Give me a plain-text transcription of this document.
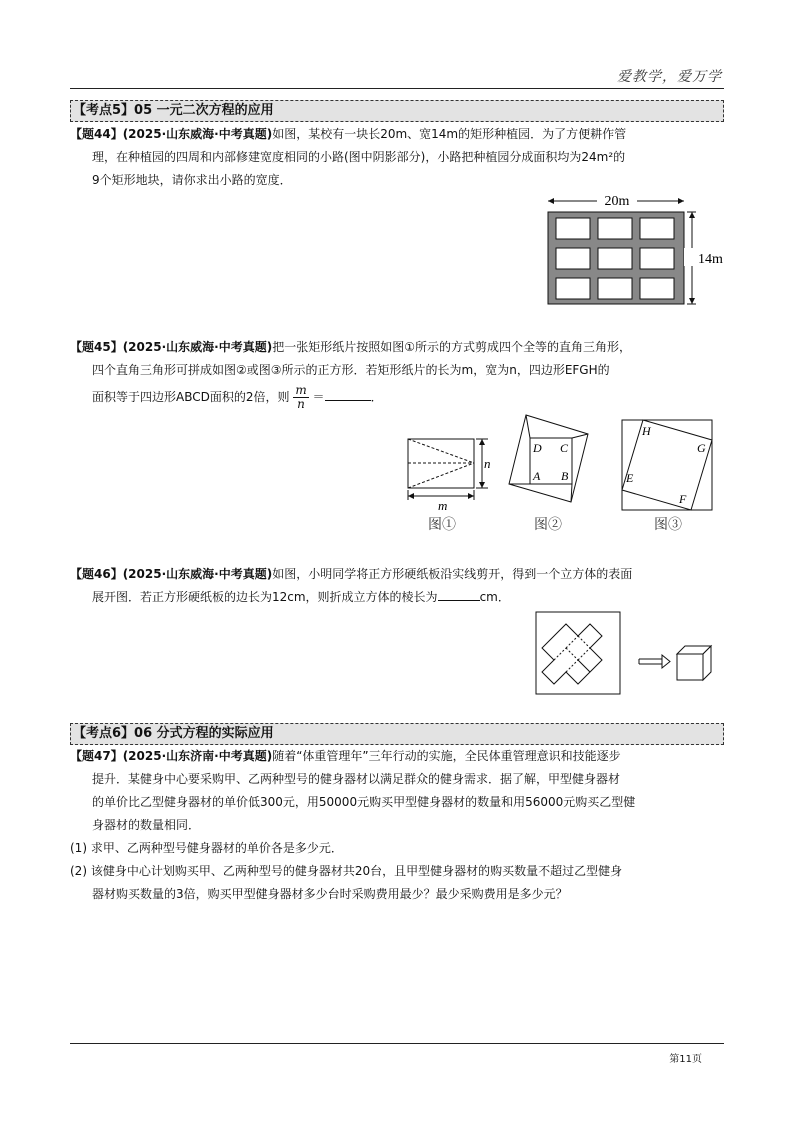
爱教学，爱万学
【考点5】05 一元二次方程的应用

【题44】(2025·山东威海·中考真题)如图，某校有一块长20m、宽14m的矩形种植园．为了方便耕作管

理，在种植园的四周和内部修建宽度相同的小路(图中阴影部分)，小路把种植园分成面积均为24m²的

9个矩形地块，请你求出小路的宽度．

20m
14m

【题45】(2025·山东威海·中考真题)把一张矩形纸片按照如图①所示的方式剪成四个全等的直角三角形，

四个直角三角形可拼成如图②或图③所示的正方形．若矩形纸片的长为m，宽为n，四边形EFGH的

面积等于四边形ABCD面积的2倍，则 $\frac{m}{n}$ ＝	．

n
m
图①
D C
A B
图②
H
G
E
F
图③

【题46】(2025·山东威海·中考真题)如图，小明同学将正方形硬纸板沿实线剪开，得到一个立方体的表面

展开图．若正方形硬纸板的边长为12cm，则折成立方体的棱长为	cm．

【考点6】06 分式方程的实际应用

【题47】(2025·山东济南·中考真题)随着“体重管理年”三年行动的实施，全民体重管理意识和技能逐步

提升．某健身中心要采购甲、乙两种型号的健身器材以满足群众的健身需求．据了解，甲型健身器材

的单价比乙型健身器材的单价低300元，用50000元购买甲型健身器材的数量和用56000元购买乙型健

身器材的数量相同．

(1) 求甲、乙两种型号健身器材的单价各是多少元．

(2) 该健身中心计划购买甲、乙两种型号的健身器材共20台，且甲型健身器材的购买数量不超过乙型健身

器材购买数量的3倍，购买甲型健身器材多少台时采购费用最少？最少采购费用是多少元？

第11页
